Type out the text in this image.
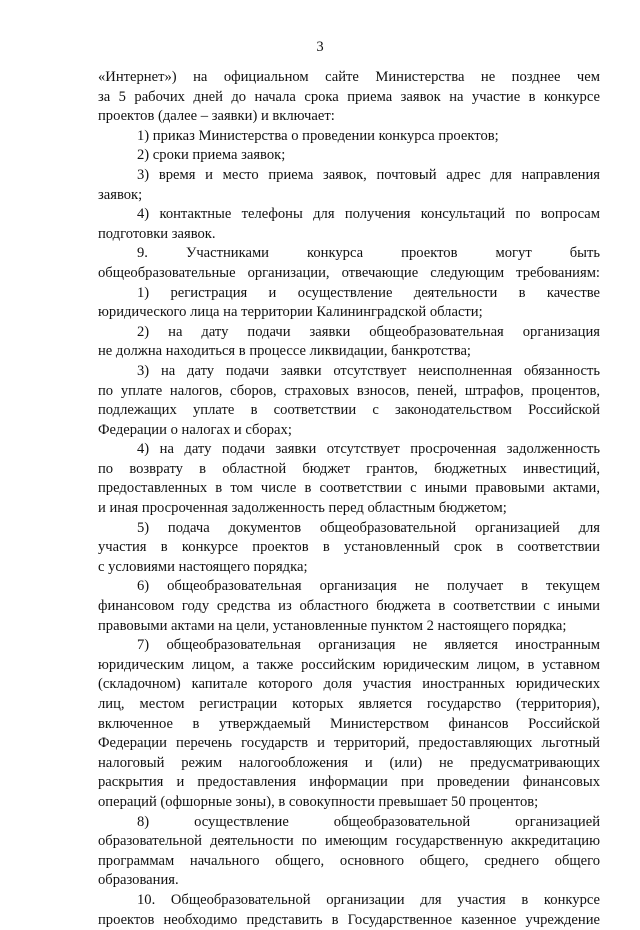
3
«Интернет») на официальном сайте Министерства не позднее чем
за 5 рабочих дней до начала срока приема заявок на участие в конкурсе
проектов (далее – заявки) и включает:
1) приказ Министерства о проведении конкурса проектов;
2) сроки приема заявок;
3) время и место приема заявок, почтовый адрес для направления
заявок;
4) контактные телефоны для получения консультаций по вопросам
подготовки заявок.
9. Участниками конкурса проектов могут быть
общеобразовательные организации, отвечающие следующим требованиям:
1) регистрация и осуществление деятельности в качестве
юридического лица на территории Калининградской области;
2) на дату подачи заявки общеобразовательная организация
не должна находиться в процессе ликвидации, банкротства;
3) на дату подачи заявки отсутствует неисполненная обязанность
по уплате налогов, сборов, страховых взносов, пеней, штрафов, процентов,
подлежащих уплате в соответствии с законодательством Российской
Федерации о налогах и сборах;
4) на дату подачи заявки отсутствует просроченная задолженность
по возврату в областной бюджет грантов, бюджетных инвестиций,
предоставленных в том числе в соответствии с иными правовыми актами,
и иная просроченная задолженность перед областным бюджетом;
5) подача документов общеобразовательной организацией для
участия в конкурсе проектов в установленный срок в соответствии
с условиями настоящего порядка;
6) общеобразовательная организация не получает в текущем
финансовом году средства из областного бюджета в соответствии с иными
правовыми актами на цели, установленные пунктом 2 настоящего порядка;
7) общеобразовательная организация не является иностранным
юридическим лицом, а также российским юридическим лицом, в уставном
(складочном) капитале которого доля участия иностранных юридических
лиц, местом регистрации которых является государство (территория),
включенное в утверждаемый Министерством финансов Российской
Федерации перечень государств и территорий, предоставляющих льготный
налоговый режим налогообложения и (или) не предусматривающих
раскрытия и предоставления информации при проведении финансовых
операций (офшорные зоны), в совокупности превышает 50 процентов;
8) осуществление общеобразовательной организацией
образовательной деятельности по имеющим государственную аккредитацию
программам начального общего, основного общего, среднего общего
образования.
10. Общеобразовательной организации для участия в конкурсе
проектов необходимо представить в Государственное казенное учреждение
